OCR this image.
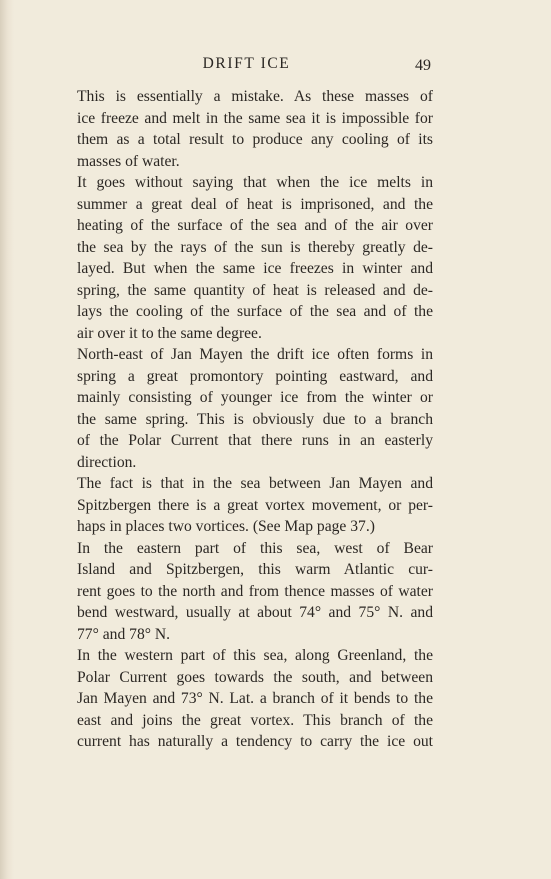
DRIFT ICE	49
This is essentially a mistake. As these masses of
ice freeze and melt in the same sea it is impossible for
them as a total result to produce any cooling of its
masses of water.
It goes without saying that when the ice melts in
summer a great deal of heat is imprisoned, and the
heating of the surface of the sea and of the air over
the sea by the rays of the sun is thereby greatly de-
layed. But when the same ice freezes in winter and
spring, the same quantity of heat is released and de-
lays the cooling of the surface of the sea and of the
air over it to the same degree.
North-east of Jan Mayen the drift ice often forms in
spring a great promontory pointing eastward, and
mainly consisting of younger ice from the winter or
the same spring. This is obviously due to a branch
of the Polar Current that there runs in an easterly
direction.
The fact is that in the sea between Jan Mayen and
Spitzbergen there is a great vortex movement, or per-
haps in places two vortices. (See Map page 37.)
In the eastern part of this sea, west of Bear
Island and Spitzbergen, this warm Atlantic cur-
rent goes to the north and from thence masses of water
bend westward, usually at about 74° and 75° N. and
77° and 78° N.
In the western part of this sea, along Greenland, the
Polar Current goes towards the south, and between
Jan Mayen and 73° N. Lat. a branch of it bends to the
east and joins the great vortex. This branch of the
current has naturally a tendency to carry the ice out
